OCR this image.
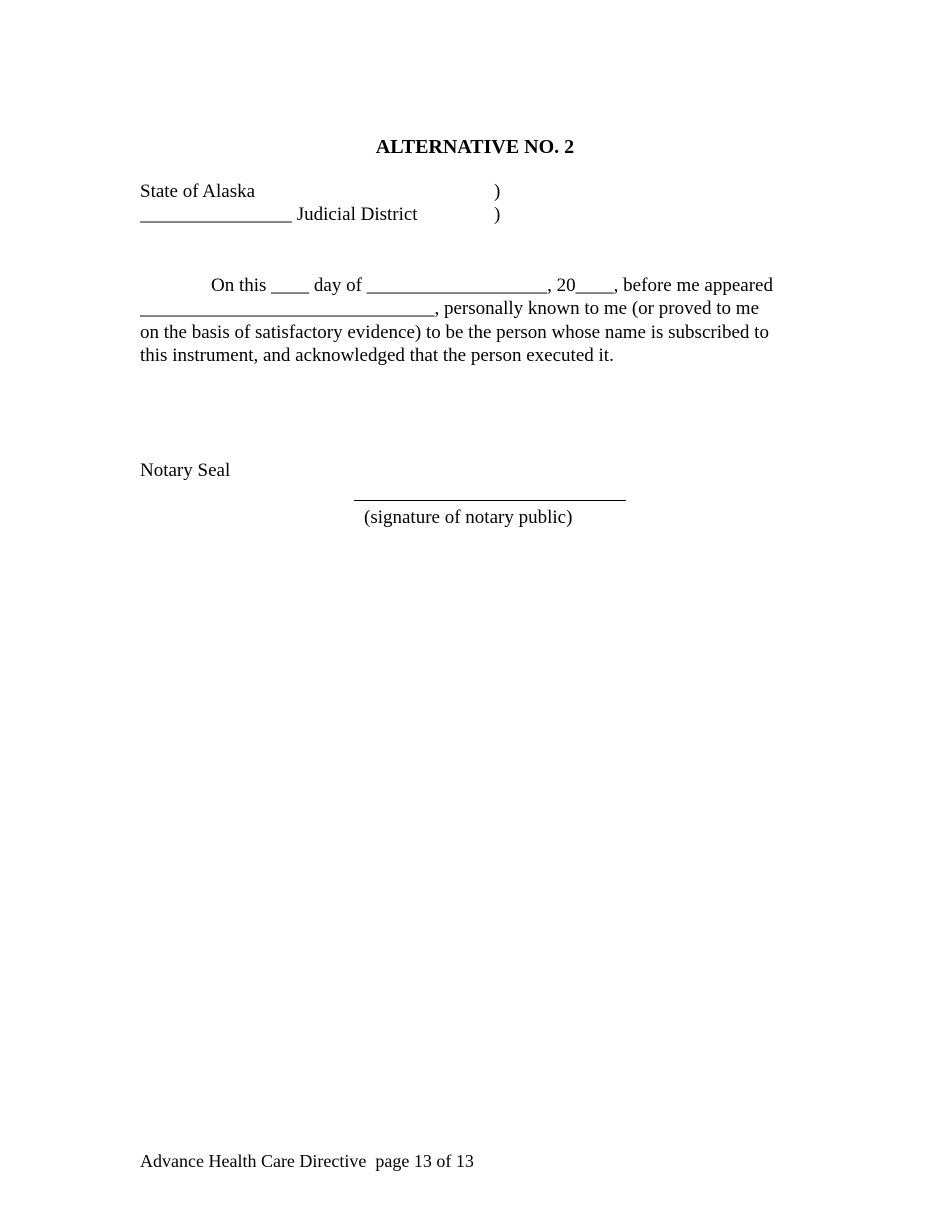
ALTERNATIVE NO. 2
State of Alaska	)
________________ Judicial District	)
On this ____ day of ___________________, 20____, before me appeared
_______________________________, personally known to me (or proved to me
on the basis of satisfactory evidence) to be the person whose name is subscribed to
this instrument, and acknowledged that the person executed it.
Notary Seal
(signature of notary public)
Advance Health Care Directive  page 13 of 13
